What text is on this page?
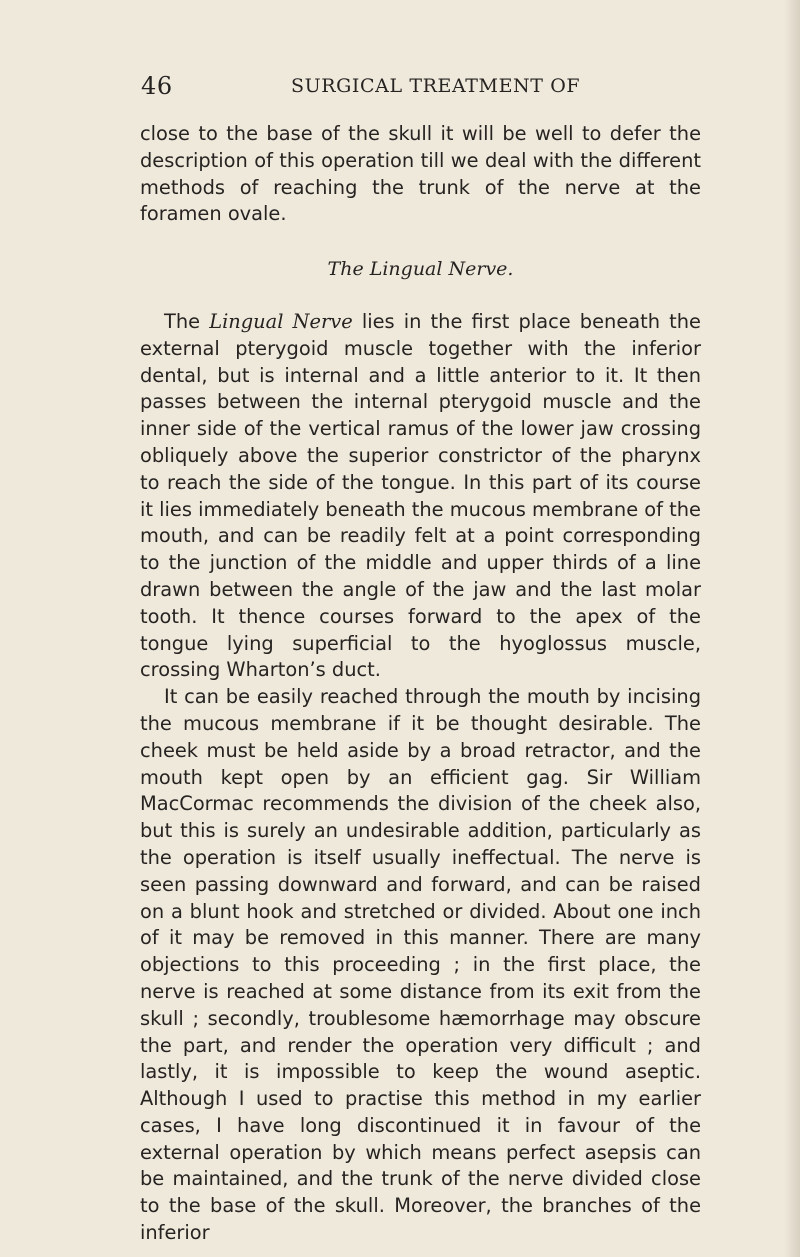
46	SURGICAL TREATMENT OF

close to the base of the skull it will be well to defer the description of this operation till we deal with the different methods of reaching the trunk of the nerve at the foramen ovale.

The Lingual Nerve.

The Lingual Nerve lies in the first place beneath the external pterygoid muscle together with the inferior dental, but is internal and a little anterior to it. It then passes between the internal pterygoid muscle and the inner side of the vertical ramus of the lower jaw crossing obliquely above the superior constrictor of the pharynx to reach the side of the tongue. In this part of its course it lies immediately beneath the mucous membrane of the mouth, and can be readily felt at a point corresponding to the junction of the middle and upper thirds of a line drawn between the angle of the jaw and the last molar tooth. It thence courses forward to the apex of the tongue lying superficial to the hyoglossus muscle, crossing Wharton’s duct.

It can be easily reached through the mouth by incising the mucous membrane if it be thought desirable. The cheek must be held aside by a broad retractor, and the mouth kept open by an efficient gag. Sir William MacCormac recommends the division of the cheek also, but this is surely an undesirable addition, particularly as the operation is itself usually ineffectual. The nerve is seen passing downward and forward, and can be raised on a blunt hook and stretched or divided. About one inch of it may be removed in this manner. There are many objections to this proceeding ; in the first place, the nerve is reached at some distance from its exit from the skull ; secondly, troublesome hæmorrhage may obscure the part, and render the operation very difficult ; and lastly, it is impossible to keep the wound aseptic. Although I used to practise this method in my earlier cases, I have long discontinued it in favour of the external operation by which means perfect asepsis can be maintained, and the trunk of the nerve divided close to the base of the skull. Moreover, the branches of the inferior
